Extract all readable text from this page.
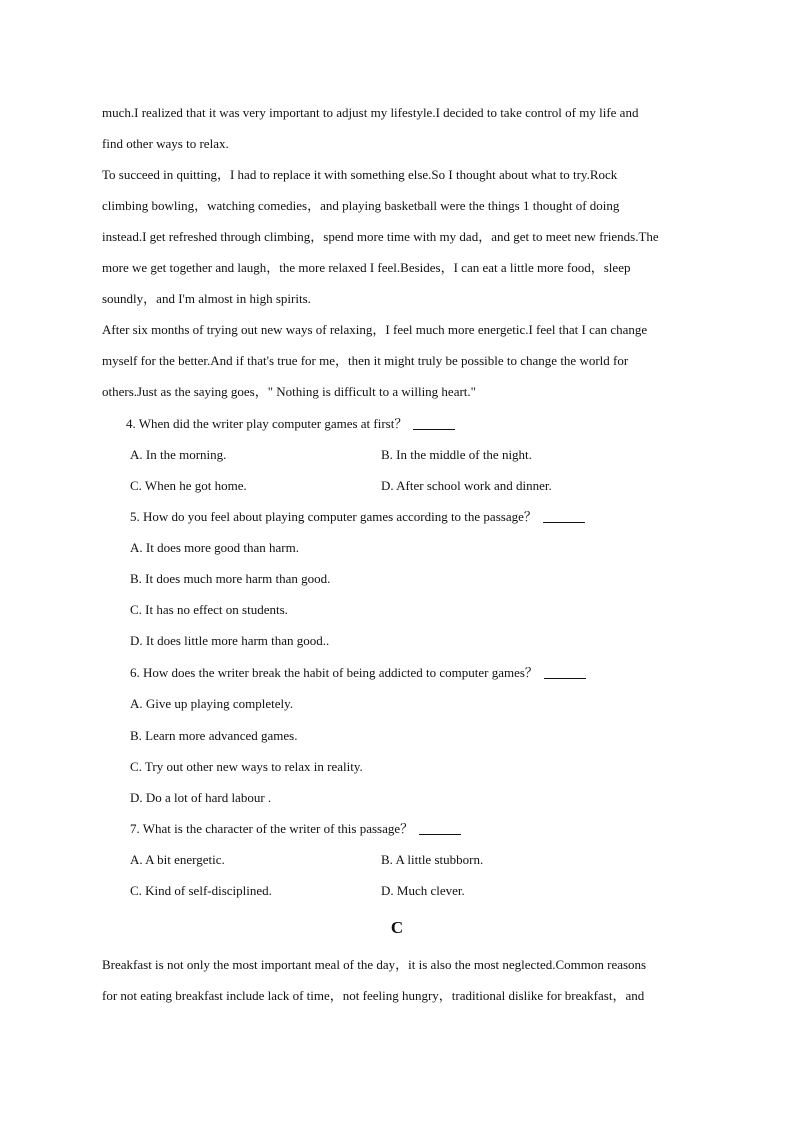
much.I realized that it was very important to adjust my lifestyle.I decided to take control of my life and
find other ways to relax.
To succeed in quitting，I had to replace it with something else.So I thought about what to try.Rock
climbing bowling，watching comedies，and playing basketball were the things 1 thought of doing
instead.I get refreshed through climbing，spend more time with my dad，and get to meet new friends.The
more we get together and laugh，the more relaxed I feel.Besides，I can eat a little more food，sleep
soundly，and I'm almost in high spirits.
After six months of trying out new ways of relaxing，I feel much more energetic.I feel that I can change
myself for the better.And if that's true for me，then it might truly be possible to change the world for
others.Just as the saying goes，" Nothing is difficult to a willing heart."
4. When did the writer play computer games at first？
A. In the morning.	B. In the middle of the night.
C. When he got home.	D. After school work and dinner.
5. How do you feel about playing computer games according to the passage？
A. It does more good than harm.
B. It does much more harm than good.
C. It has no effect on students.
D. It does little more harm than good..
6. How does the writer break the habit of being addicted to computer games？
A. Give up playing completely.
B. Learn more advanced games.
C. Try out other new ways to relax in reality.
D. Do a lot of hard labour .
7. What is the character of the writer of this passage？
A. A bit energetic.	B. A little stubborn.
C. Kind of self-disciplined.	D. Much clever.
C
Breakfast is not only the most important meal of the day，it is also the most neglected.Common reasons
for not eating breakfast include lack of time，not feeling hungry，traditional dislike for breakfast，and
